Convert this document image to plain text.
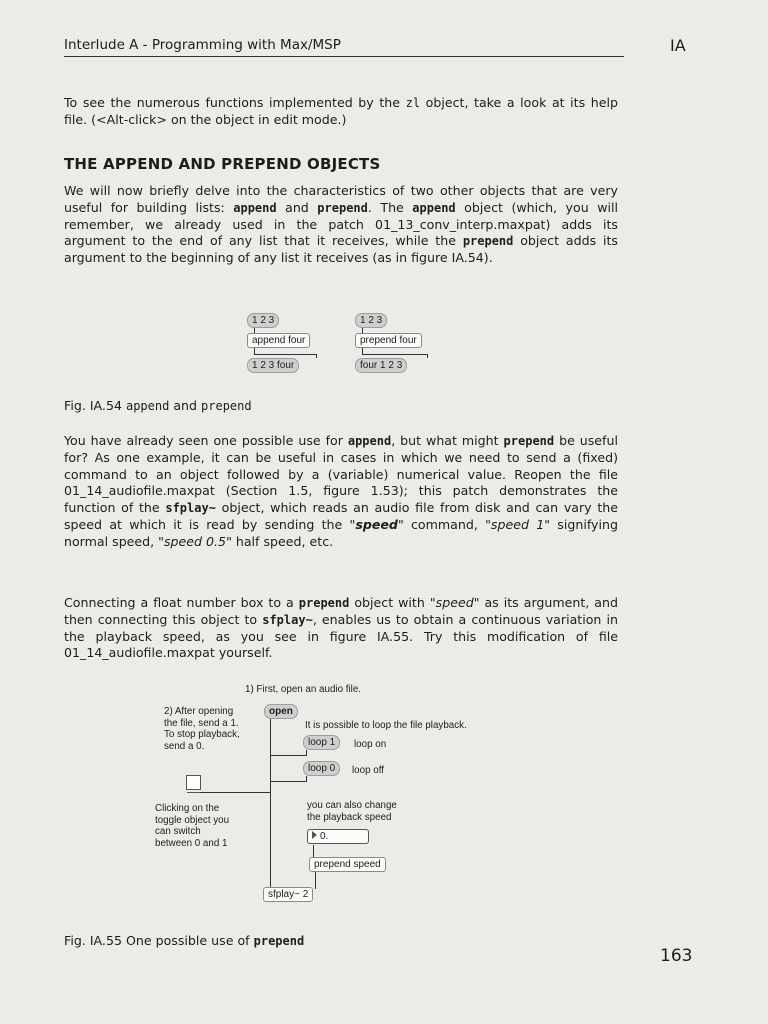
Interlude A - Programming with Max/MSP	IA
To see the numerous functions implemented by the zl object, take a look at its help file. (<Alt-click> on the object in edit mode.)
THE APPEND AND PREPEND OBJECTS
We will now briefly delve into the characteristics of two other objects that are very useful for building lists: append and prepend. The append object (which, you will remember, we already used in the patch 01_13_conv_interp.maxpat) adds its argument to the end of any list that it receives, while the prepend object adds its argument to the beginning of any list it receives (as in figure IA.54).
1 2 3
append four
1 2 3 four
1 2 3
prepend four
four 1 2 3
Fig. IA.54 append and prepend
You have already seen one possible use for append, but what might prepend be useful for? As one example, it can be useful in cases in which we need to send a (fixed) command to an object followed by a (variable) numerical value. Reopen the file 01_14_audiofile.maxpat (Section 1.5, figure 1.53); this patch demonstrates the function of the sfplay~ object, which reads an audio file from disk and can vary the speed at which it is read by sending the "speed" command, "speed 1" signifying normal speed, "speed 0.5" half speed, etc.
Connecting a float number box to a prepend object with "speed" as its argument, and then connecting this object to sfplay~, enables us to obtain a continuous variation in the playback speed, as you see in figure IA.55. Try this modification of file 01_14_audiofile.maxpat yourself.
1) First, open an audio file.
2) After opening
the file, send a 1.
To stop playback,
send a 0.
open
It is possible to loop the file playback.
loop 1	loop on
loop 0	loop off
Clicking on the
toggle object you
can switch
between 0 and 1
you can also change
the playback speed
0.
prepend speed
sfplay~ 2
Fig. IA.55 One possible use of prepend
163
